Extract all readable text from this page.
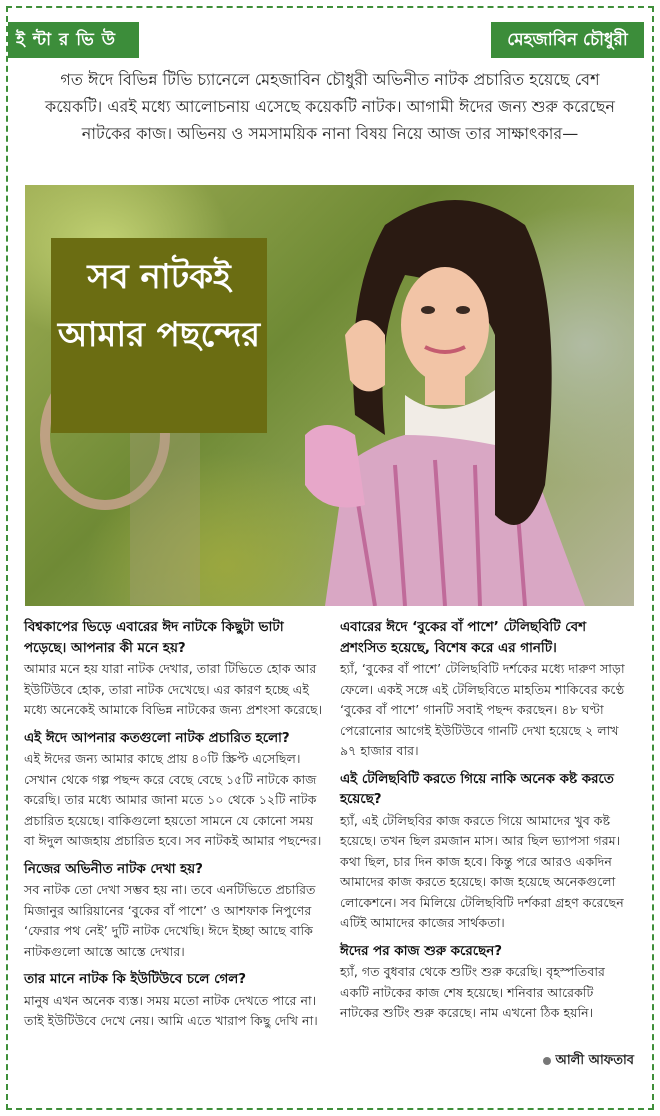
ই ন্টা র ভি উ	মেহজাবিন চৌধুরী

গত ঈদে বিভিন্ন টিভি চ্যানেলে মেহজাবিন চৌধুরী অভিনীত নাটক প্রচারিত হয়েছে বেশ কয়েকটি। এরই মধ্যে আলোচনায় এসেছে কয়েকটি নাটক। আগামী ঈদের জন্য শুরু করেছেন নাটকের কাজ। অভিনয় ও সমসাময়িক নানা বিষয় নিয়ে আজ তার সাক্ষাৎকার—

সব নাটকই আমার পছন্দের
বিশ্বকাপের ভিড়ে এবারের ঈদ নাটকে কিছুটা ভাটা পড়েছে। আপনার কী মনে হয়?
আমার মনে হয় যারা নাটক দেখার, তারা টিভিতে হোক আর ইউটিউবে হোক, তারা নাটক দেখেছে। এর কারণ হচ্ছে এই মধ্যে অনেকেই আমাকে বিভিন্ন নাটকের জন্য প্রশংসা করেছে।
এই ঈদে আপনার কতগুলো নাটক প্রচারিত হলো?
এই ঈদের জন্য আমার কাছে প্রায় ৪০টি স্ক্রিপ্ট এসেছিল। সেখান থেকে গল্প পছন্দ করে বেছে বেছে ১৫টি নাটকে কাজ করেছি। তার মধ্যে আমার জানা মতে ১০ থেকে ১২টি নাটক প্রচারিত হয়েছে। বাকিগুলো হয়তো সামনে যে কোনো সময় বা ঈদুল আজহায় প্রচারিত হবে। সব নাটকই আমার পছন্দের।
নিজের অভিনীত নাটক দেখা হয়?
সব নাটক তো দেখা সম্ভব হয় না। তবে এনটিভিতে প্রচারিত মিজানুর আরিয়ানের ‘বুকের বাঁ পাশে’ ও আশফাক নিপুণের ‘ফেরার পথ নেই’ দুটি নাটক দেখেছি। ঈদে ইচ্ছা আছে বাকি নাটকগুলো আস্তে আস্তে দেখার।
তার মানে নাটক কি ইউটিউবে চলে গেল?
মানুষ এখন অনেক ব্যস্ত। সময় মতো নাটক দেখতে পারে না। তাই ইউটিউবে দেখে নেয়। আমি এতে খারাপ কিছু দেখি না।
এবারের ঈদে ‘বুকের বাঁ পাশে’ টেলিছবিটি বেশ প্রশংসিত হয়েছে, বিশেষ করে এর গানটি।
হ্যাঁ, ‘বুকের বাঁ পাশে’ টেলিছবিটি দর্শকের মধ্যে দারুণ সাড়া ফেলে। একই সঙ্গে এই টেলিছবিতে মাহতিম শাকিবের কণ্ঠে ‘বুকের বাঁ পাশে’ গানটি সবাই পছন্দ করছেন। ৪৮ ঘণ্টা পেরোনোর আগেই ইউটিউবে গানটি দেখা হয়েছে ২ লাখ ৯৭ হাজার বার।
এই টেলিছবিটি করতে গিয়ে নাকি অনেক কষ্ট করতে হয়েছে?
হ্যাঁ, এই টেলিছবির কাজ করতে গিয়ে আমাদের খুব কষ্ট হয়েছে। তখন ছিল রমজান মাস। আর ছিল ভ্যাপসা গরম। কথা ছিল, চার দিন কাজ হবে। কিন্তু পরে আরও একদিন আমাদের কাজ করতে হয়েছে। কাজ হয়েছে অনেকগুলো লোকেশনে। সব মিলিয়ে টেলিছবিটি দর্শকরা গ্রহণ করেছেন এটিই আমাদের কাজের সার্থকতা।
ঈদের পর কাজ শুরু করেছেন?
হ্যাঁ, গত বুধবার থেকে শুটিং শুরু করেছি। বৃহস্পতিবার একটি নাটকের কাজ শেষ হয়েছে। শনিবার আরেকটি নাটকের শুটিং শুরু করেছে। নাম এখনো ঠিক হয়নি।
আলী আফতাব
